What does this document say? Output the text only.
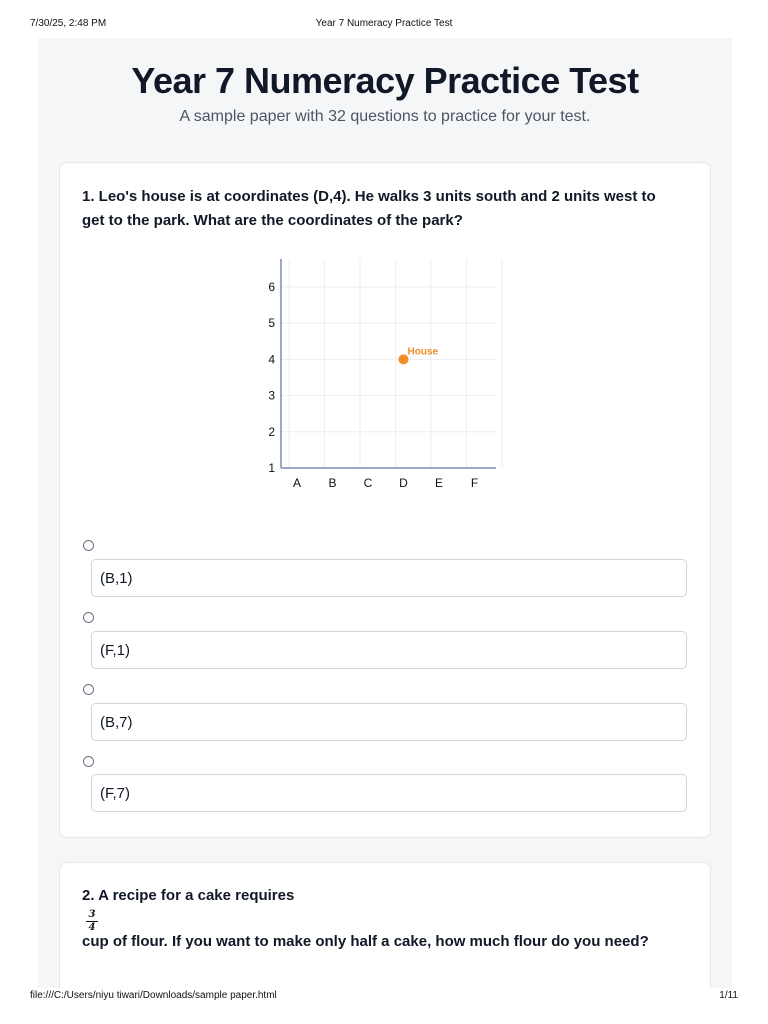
7/30/25, 2:48 PM	Year 7 Numeracy Practice Test
Year 7 Numeracy Practice Test
A sample paper with 32 questions to practice for your test.
1. Leo's house is at coordinates (D,4). He walks 3 units south and 2 units west to get to the park. What are the coordinates of the park?
A B C D E F
1
2
3
4
5
6
House
(B,1)
(F,1)
(B,7)
(F,7)
2. A recipe for a cake requires
$\frac{3}{4}$
cup of flour. If you want to make only half a cake, how much flour do you need?
file:///C:/Users/niyu tiwari/Downloads/sample paper.html	1/11
